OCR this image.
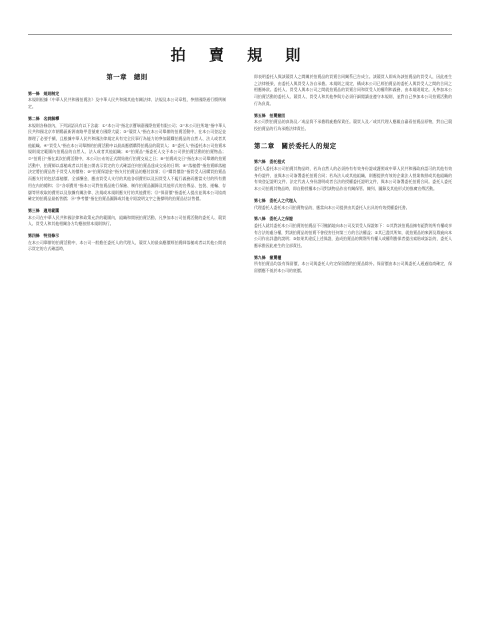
拍 賣 規 則
第一章　總則
第一條　規則制定
本規則根據《中華人民共和國拍賣法》及中華人民共和國其他有關法律、法規及本公司章程，參照國際通行慣例制定。
第二條　名詞解釋
本規則各條款內，下列詞語具有以下含義：①“本公司”指北京寶瑞嘉國際拍賣有限公司；②“本公司住所地”指中華人民共和國北京市朝陽區新源南路甲壹號東方國際大廈；③“競買人”指在本公司舉辦的拍賣活動中，在本公司登記並辦理了必要手續，且根據中華人民共和國法律規定具有完全民事行為能力的參加競購拍賣品的自然人、法人或者其他組織。④“買受人”指在本公司舉辦的拍賣活動中以最高應價購得拍賣品的競買人；⑤“委托人”指委托本公司拍賣本規則規定範圍內拍賣品的自然人、法人或者其他組織；⑥“拍賣品”指委托人交予本公司供拍賣活動的拍賣物品；⑦“拍賣日”指在某次拍賣活動中，本公司公布的正式開始進行拍賣交易之日；⑧“拍賣成交日”指在本公司舉辦的拍賣活動中，拍賣師以落槌或者以其他公開表示買定的方式確認任何拍賣品達成交易的日期；⑨“落槌價”指拍賣師落槌決定將拍賣品售予買受人的價格；⑩“拍賣保證金”指支付拍賣品的應付款項；⑪“購買價款”指買受人因購買拍賣品而應支付的包括落槌價、全部酬金，應由買受人支付的其他各項費用以及因買受人不履行義務而應當支付的所有費用在內的總和；⑫“各項費用”指本公司對拍賣品進行保險、制作拍賣品圖錄及其他形式的宣傳品、包裝、運輸、存儲等所收取的費用以及依據有關法律、法規或本規則應支付的其他費用；⑬“保留價”指委托人提出並與本公司協商確定的拍賣品最低售價；⑭“參考價”指在拍賣品圖錄或其他介紹說明文字之後標明的拍賣品估計售價。
第三條　適用範圍
本公司在中華人民共和國法律和政策允許的範圍內，組織和開展拍賣活動，凡參加本公司拍賣活動的委托人、競買人、買受人和其他相關各方均應按照本規則執行。
第四條　特別條示
在本公司舉辦的拍賣活動中，本公司一般擔任委托人的代理人，競買人的最高應價經拍賣師落槌或者以其他公開表示買定的方式確認時，
即表明委托人與該競買人之間關於拍賣品的買賣合同關系已告成立。該競買人即成為該拍賣品的買受人，因此產生之法律後果，由委托人與買受人各自承擔。本規則之規定，構成本公司已經拍賣品的委托人與買受人之間的合同之相應條款。委托人、買受人與本公司之間就拍賣品的買賣合同和買受人的權利和義務，由本規則規定。凡參加本公司拍賣活動的委托人、競買人、買受人和其他參與方必須仔細閱讀並遵守本規則，並對自己參加本公司拍賣活動的行為負責。
第五條　拍賣撤回
本公司對拍賣品的真偽及／或品質不承擔瑕疵擔保責任。競買人及／或其代理人應親自審看拍賣品原物，對自己競投拍賣品的行為承擔法律責任。
第二章　關於委托人的規定
第六條　委托程式
委托人委托本公司拍賣其物品時，若為自然人的必須持有有效身份證或護照或中華人民共和國政府認可的其他有效身份證件，並與本公司簽署委托拍賣合同；若為法人或其他組織，則應提供有效的企業法人營業執照或其他組織的有效登記證明文件、法定代表人身份證明或者合法的授權委托證明文件，與本公司簽署委托拍賣合同。委托人委托本公司拍賣其物品時，即自動授權本公司對該物品作出有關保管、陳列、圖錄及其他形式的推廣宣傳活動。
第七條　委托人之代理人
代理委托人委托本公司拍賣物品的，應當向本公司提供由其委托人出具的有效授權委托書。
第八條　委托人之保證
委托人就其委托本公司拍賣的拍賣品不可撤銷地向本公司及買受人保證如下：①其對該拍賣品擁有絕對的所有權或享有合法的處分權，對該拍賣品的拍賣不會侵害任何第三方的合法權益；②其已盡其所知，就拍賣品的來源及瑕疵向本公司作出詳盡的說明；③如果其違反上述保證，造成拍賣品的實際所有權人或權利擔保者提出索賠或訴訟的，委托人應承擔因此產生的全部責任。
第九條　撤賣權
所有拍賣品均設有保留價，本公司與委托人約定保留價的拍賣品除外。保留價由本公司與委托人通過協商確定，保留價應不低於本公司的底價。
